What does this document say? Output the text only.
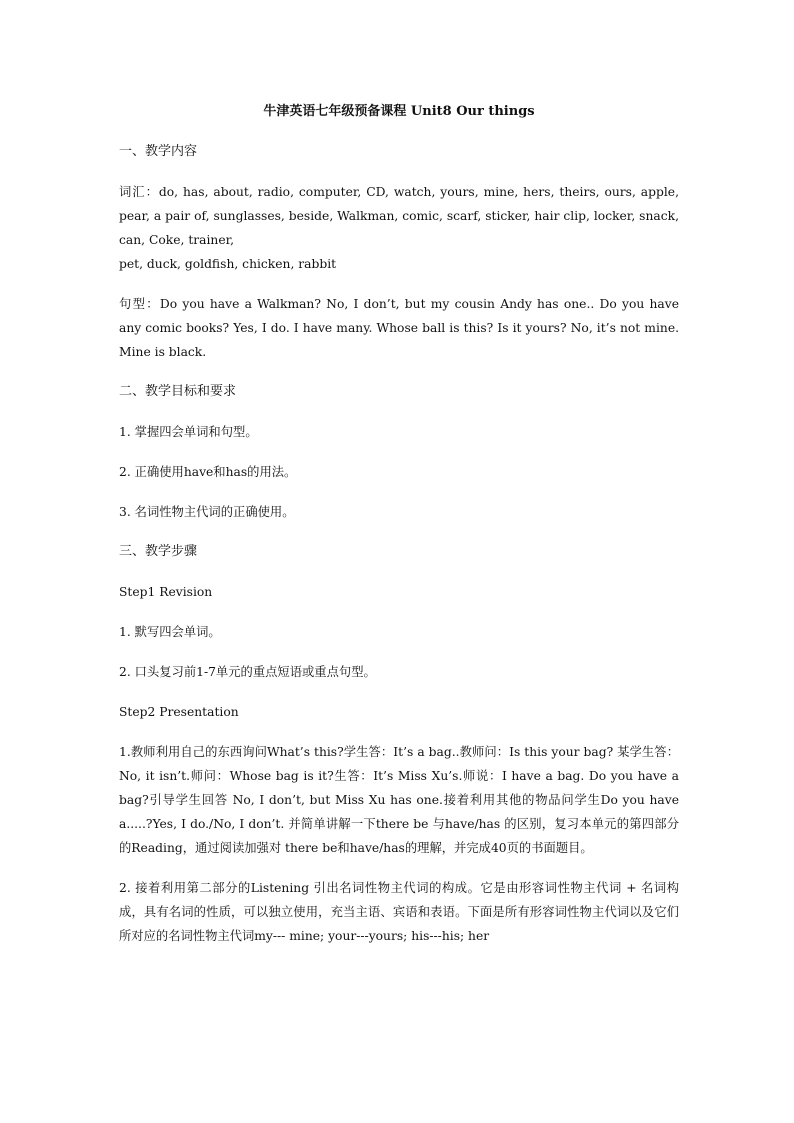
牛津英语七年级预备课程 Unit8 Our things
一、教学内容
词汇：do, has, about, radio, computer, CD, watch, yours, mine, hers, theirs, ours, apple, pear, a pair of, sunglasses, beside, Walkman, comic, scarf, sticker, hair clip, locker, snack, can, Coke, trainer,
pet, duck, goldfish, chicken, rabbit

句型：Do you have a Walkman? No, I don’t, but my cousin Andy has one.. Do you have any comic books? Yes, I do. I have many. Whose ball is this? Is it yours? No, it’s not mine. Mine is black.

二、教学目标和要求

1. 掌握四会单词和句型。

2. 正确使用have和has的用法。

3. 名词性物主代词的正确使用。

三、教学步骤

Step1 Revision

1. 默写四会单词。

2. 口头复习前1-7单元的重点短语或重点句型。

Step2 Presentation

1.教师利用自己的东西询问What’s this?学生答：It’s a bag..教师问：Is this your bag? 某学生答：No, it isn’t.师问：Whose bag is it?生答：It’s Miss Xu’s.师说：I have a bag. Do you have a bag?引导学生回答 No, I don’t, but Miss Xu has one.接着利用其他的物品问学生Do you have a.....?Yes, I do./No, I don’t. 并简单讲解一下there be 与have/has 的区别，复习本单元的第四部分的Reading，通过阅读加强对 there be和have/has的理解，并完成40页的书面题目。

2. 接着利用第二部分的Listening 引出名词性物主代词的构成。它是由形容词性物主代词 + 名词构成，具有名词的性质，可以独立使用，充当主语、宾语和表语。下面是所有形容词性物主代词以及它们所对应的名词性物主代词my--- mine; your---yours; his---his; her
